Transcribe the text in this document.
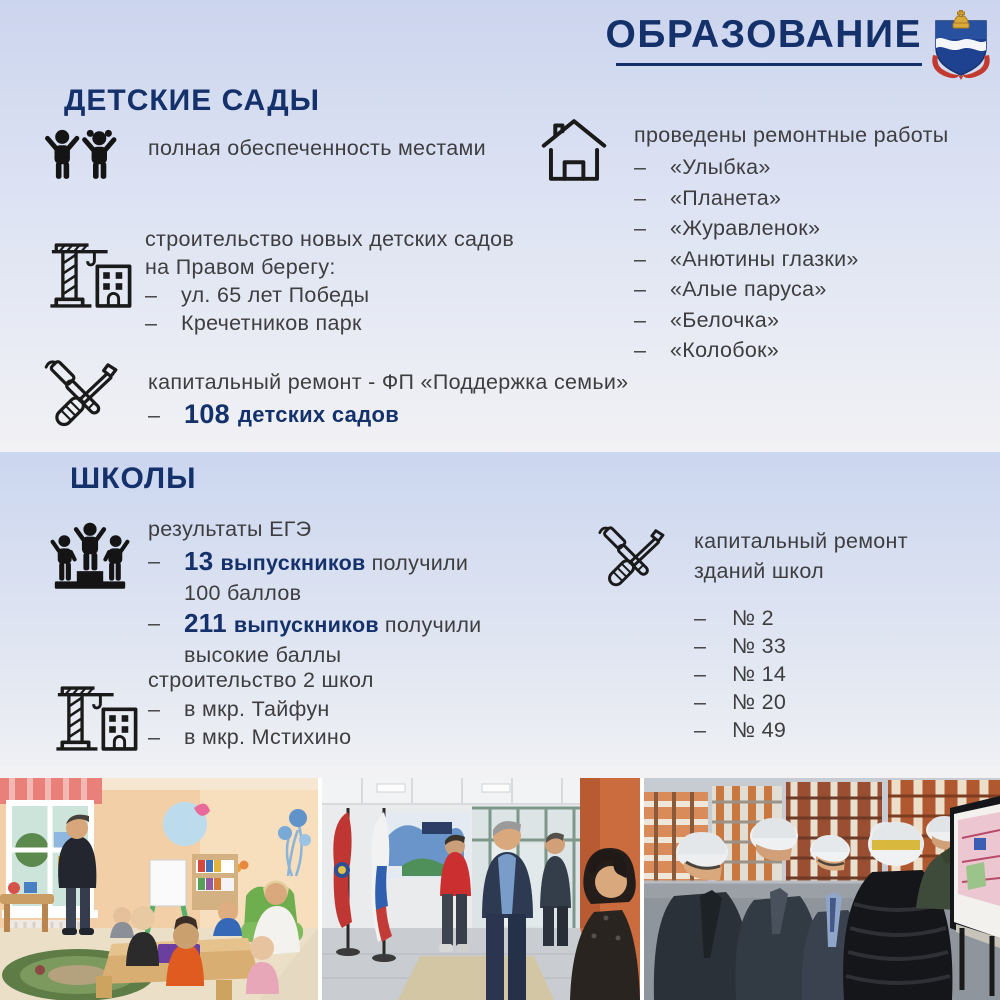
ОБРАЗОВАНИЕ
ДЕТСКИЕ САДЫ
полная обеспеченность местами
строительство новых детских садов
на Правом берегу:
–	ул. 65 лет Победы
–	Кречетников парк
капитальный ремонт - ФП «Поддержка семьи»
– 108 детских садов
проведены ремонтные работы
–	«Улыбка»
–	«Планета»
–	«Журавленок»
–	«Анютины глазки»
–	«Алые паруса»
–	«Белочка»
–	«Колобок»
ШКОЛЫ
результаты ЕГЭ
– 13 выпускников получили
100 баллов
– 211 выпускников получили
высокие баллы
строительство 2 школ
–	в мкр. Тайфун
–	в мкр. Мстихино
капитальный ремонт
зданий школ
–	№ 2
–	№ 33
–	№ 14
–	№ 20
–	№ 49
